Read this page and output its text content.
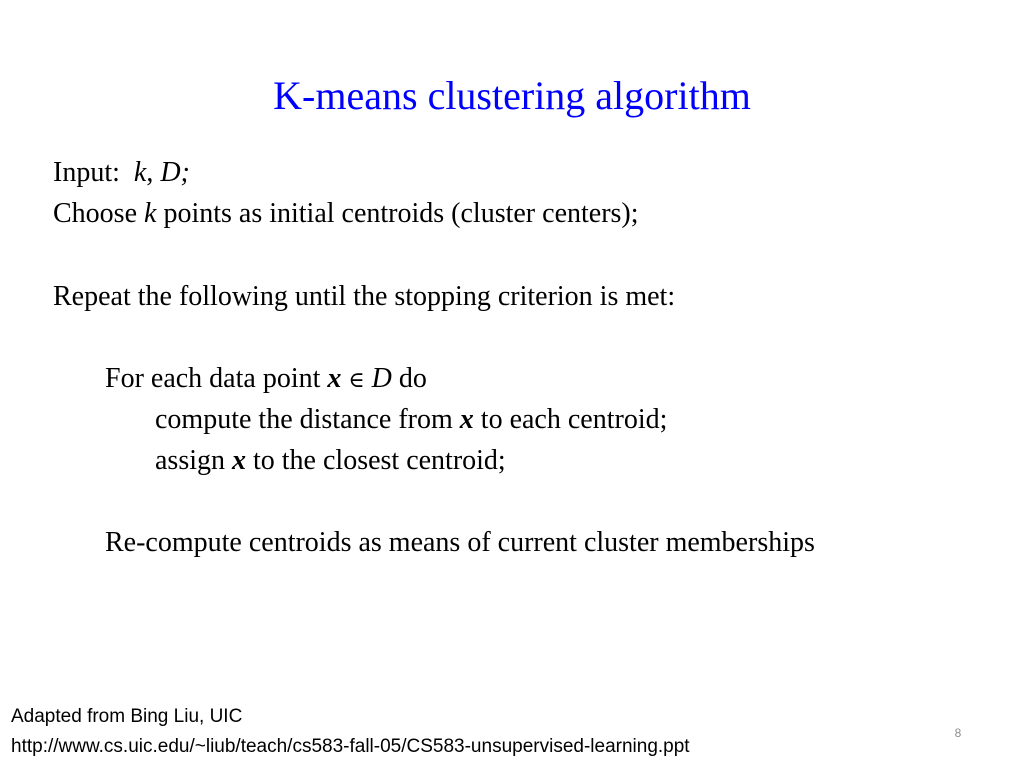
K-means clustering algorithm
Input:  k, D;
Choose k points as initial centroids (cluster centers);
Repeat the following until the stopping criterion is met:
For each data point x ∈ D do
compute the distance from x to each centroid;
assign x to the closest centroid;
Re-compute centroids as means of current cluster memberships
Adapted from Bing Liu, UIC
http://www.cs.uic.edu/~liub/teach/cs583-fall-05/CS583-unsupervised-learning.ppt
8
